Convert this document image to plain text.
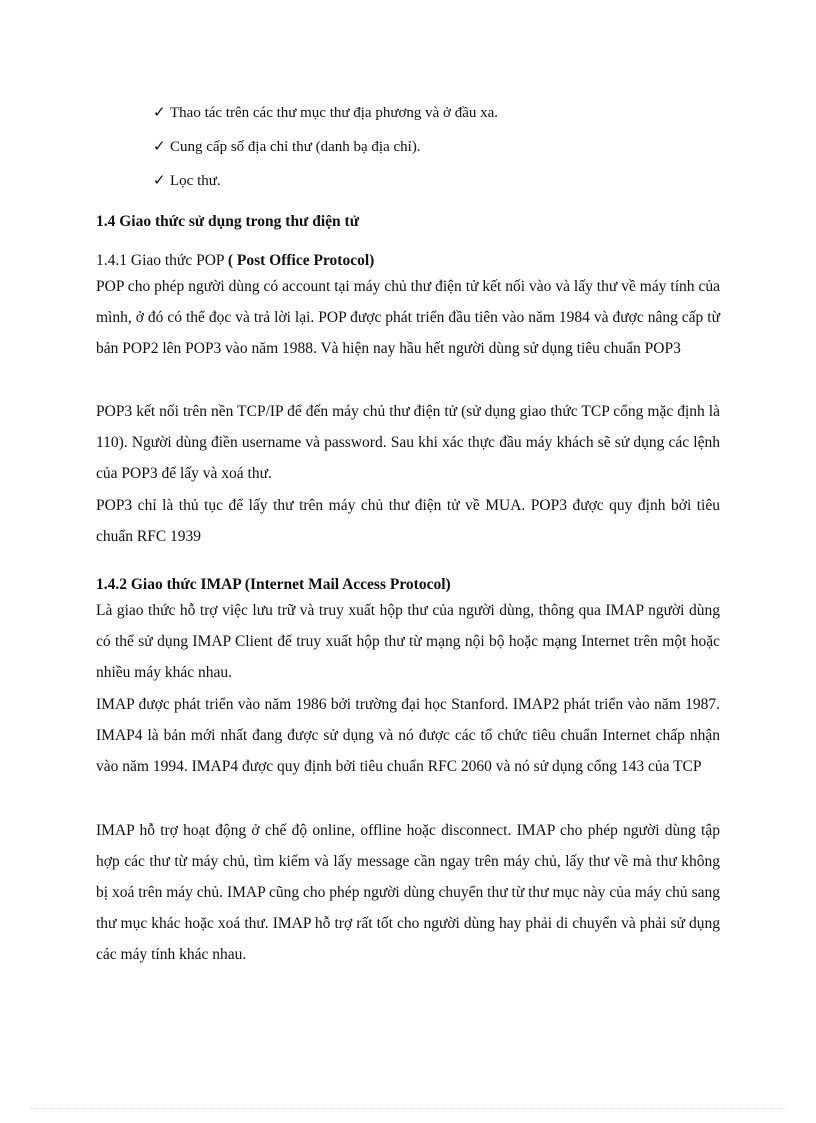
✓ Thao tác trên các thư mục thư địa phương và ở đầu xa.
✓ Cung cấp số địa chỉ thư (danh bạ địa chỉ).
✓ Lọc thư.
1.4 Giao thức sử dụng trong thư điện tử
1.4.1 Giao thức POP ( Post Office Protocol)

POP cho phép người dùng có account tại máy chủ thư điện tử kết nối vào và lấy thư về máy tính của mình, ở đó có thể đọc và trả lời lại. POP được phát triển đầu tiên vào năm 1984 và được nâng cấp từ bản POP2 lên POP3 vào năm 1988. Và hiện nay hầu hết người dùng sử dụng tiêu chuẩn POP3

POP3 kết nối trên nền TCP/IP để đến máy chủ thư điện tử (sử dụng giao thức TCP cổng mặc định là 110). Người dùng điền username và password. Sau khi xác thực đầu máy khách sẽ sử dụng các lệnh của POP3 để lấy và xoá thư.

POP3 chỉ là thủ tục để lấy thư trên máy chủ thư điện tử về MUA. POP3 được quy định bởi tiêu chuẩn RFC 1939

1.4.2 Giao thức IMAP (Internet Mail Access Protocol)

Là giao thức hỗ trợ việc lưu trữ và truy xuất hộp thư của người dùng, thông qua IMAP người dùng có thể sử dụng IMAP Client để truy xuất hộp thư từ mạng nội bộ hoặc mạng Internet trên một hoặc nhiều máy khác nhau.

IMAP được phát triển vào năm 1986 bởi trường đại học Stanford. IMAP2 phát triển vào năm 1987. IMAP4 là bản mới nhất đang được sử dụng và nó được các tổ chức tiêu chuẩn Internet chấp nhận vào năm 1994. IMAP4 được quy định bởi tiêu chuẩn RFC 2060 và nó sử dụng cổng 143 của TCP

IMAP hỗ trợ hoạt động ở chế độ online, offline hoặc disconnect. IMAP cho phép người dùng tập hợp các thư từ máy chủ, tìm kiếm và lấy message cần ngay trên máy chủ, lấy thư về mà thư không bị xoá trên máy chủ. IMAP cũng cho phép người dùng chuyển thư từ thư mục này của máy chủ sang thư mục khác hoặc xoá thư. IMAP hỗ trợ rất tốt cho người dùng hay phải di chuyển và phải sử dụng các máy tính khác nhau.
